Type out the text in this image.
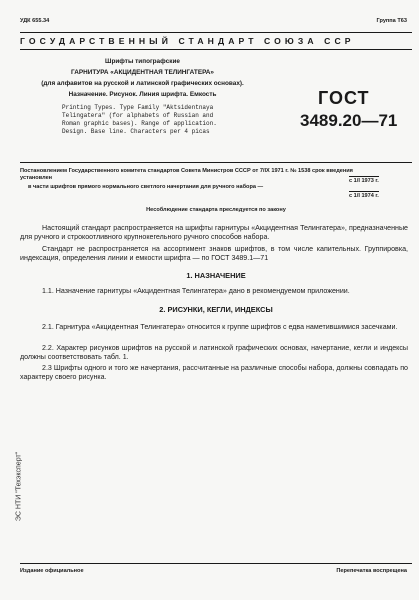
УДК 655.34	Группа Т63
ГОСУДАРСТВЕННЫЙ СТАНДАРТ СОЮЗА ССР
Шрифты типографские
ГАРНИТУРА «АКЦИДЕНТНАЯ ТЕЛИНГАТЕРА»
(для алфавитов на русской и латинской графических основах).
Назначение. Рисунок. Линия шрифта. Емкость
Printing Types. Type Family "Aktsidentnaya
Telingatera" (for alphabets of Russian and
Roman graphic bases). Range of application.
Design. Base line. Characters per 4 picas
ГОСТ
3489.20—71
Постановлением Государственного комитета стандартов Совета Министров СССР от 7/IX 1971 г. № 1538 срок введения
установлен	с 1/I 1973 г.
в части шрифтов прямого нормального светлого начертания для ручного набора —
с 1/I 1974 г.
Несоблюдение стандарта преследуется по закону
Настоящий стандарт распространяется на шрифты гарнитуры «Акцидентная Телингатера», предназначенные для ручного и строкоотливного крупнокегельного ручного способов набора.
Стандарт не распространяется на ассортимент знаков шрифтов, в том числе капительных. Группировка, индексация, определения линии и емкости шрифта — по ГОСТ 3489.1—71
1. НАЗНАЧЕНИЕ
1.1. Назначение гарнитуры «Акцидентная Телингатера» дано в рекомендуемом приложении.
2. РИСУНКИ, КЕГЛИ, ИНДЕКСЫ
2.1. Гарнитура «Акцидентная Телингатера» относится к группе шрифтов с едва наметившимися засечками.
2.2. Характер рисунков шрифтов на русской и латинской графических основах, начертание, кегли и индексы должны соответствовать табл. 1.
2.3 Шрифты одного и того же начертания, рассчитанные на различные способы набора, должны совпадать по характеру своего рисунка.
ЭС НТИ "Техэксперт"
Издание официальное	Перепечатка воспрещена
